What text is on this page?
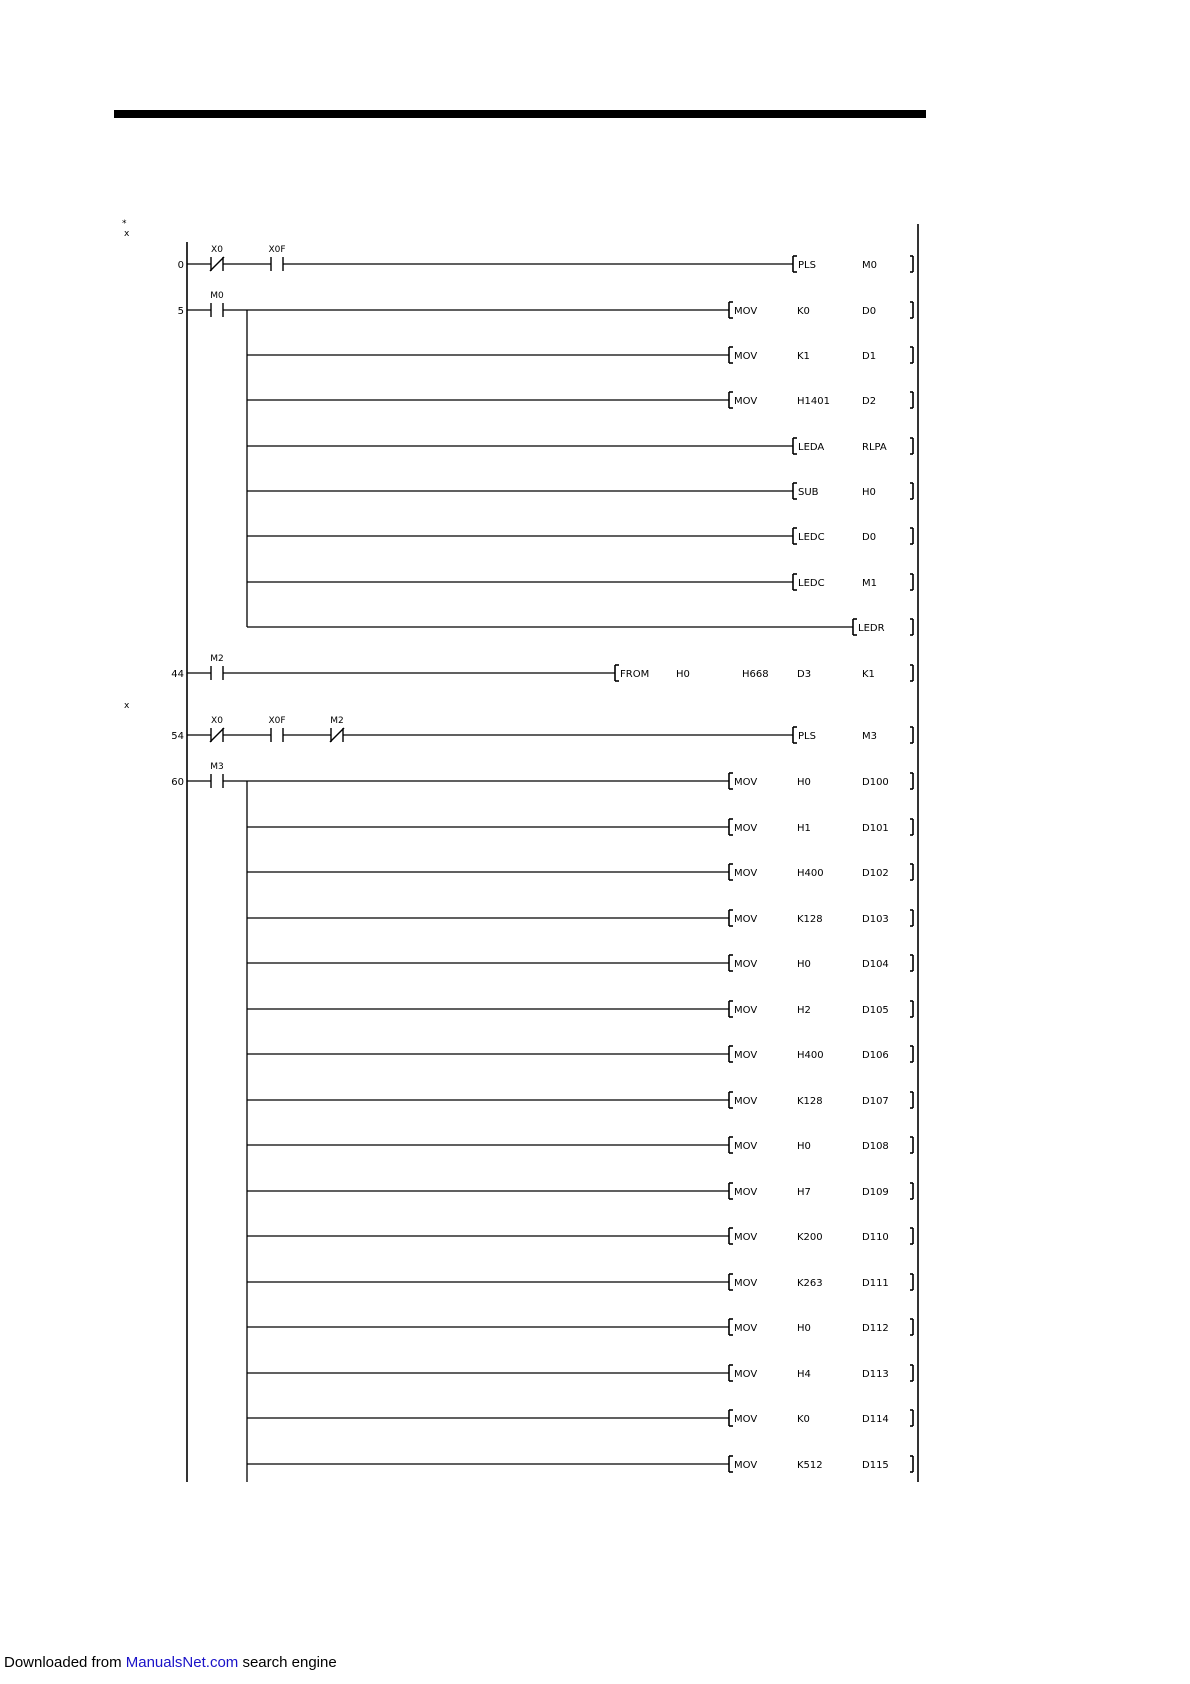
*
x
x
0
X0	X0F
PLS	M0
5
M0
MOV	K0	D0
MOV	K1	D1
MOV	H1401	D2
LEDA	RLPA
SUB	H0
LEDC	D0
LEDC	M1
LEDR
44
M2
FROM	H0	H668	D3	K1
54
X0	X0F	M2
PLS	M3
60
M3
MOV	H0	D100
MOV	H1	D101
MOV	H400	D102
MOV	K128	D103
MOV	H0	D104
MOV	H2	D105
MOV	H400	D106
MOV	K128	D107
MOV	H0	D108
MOV	H7	D109
MOV	K200	D110
MOV	K263	D111
MOV	H0	D112
MOV	H4	D113
MOV	K0	D114
MOV	K512	D115
Downloaded from ManualsNet.com search engine
